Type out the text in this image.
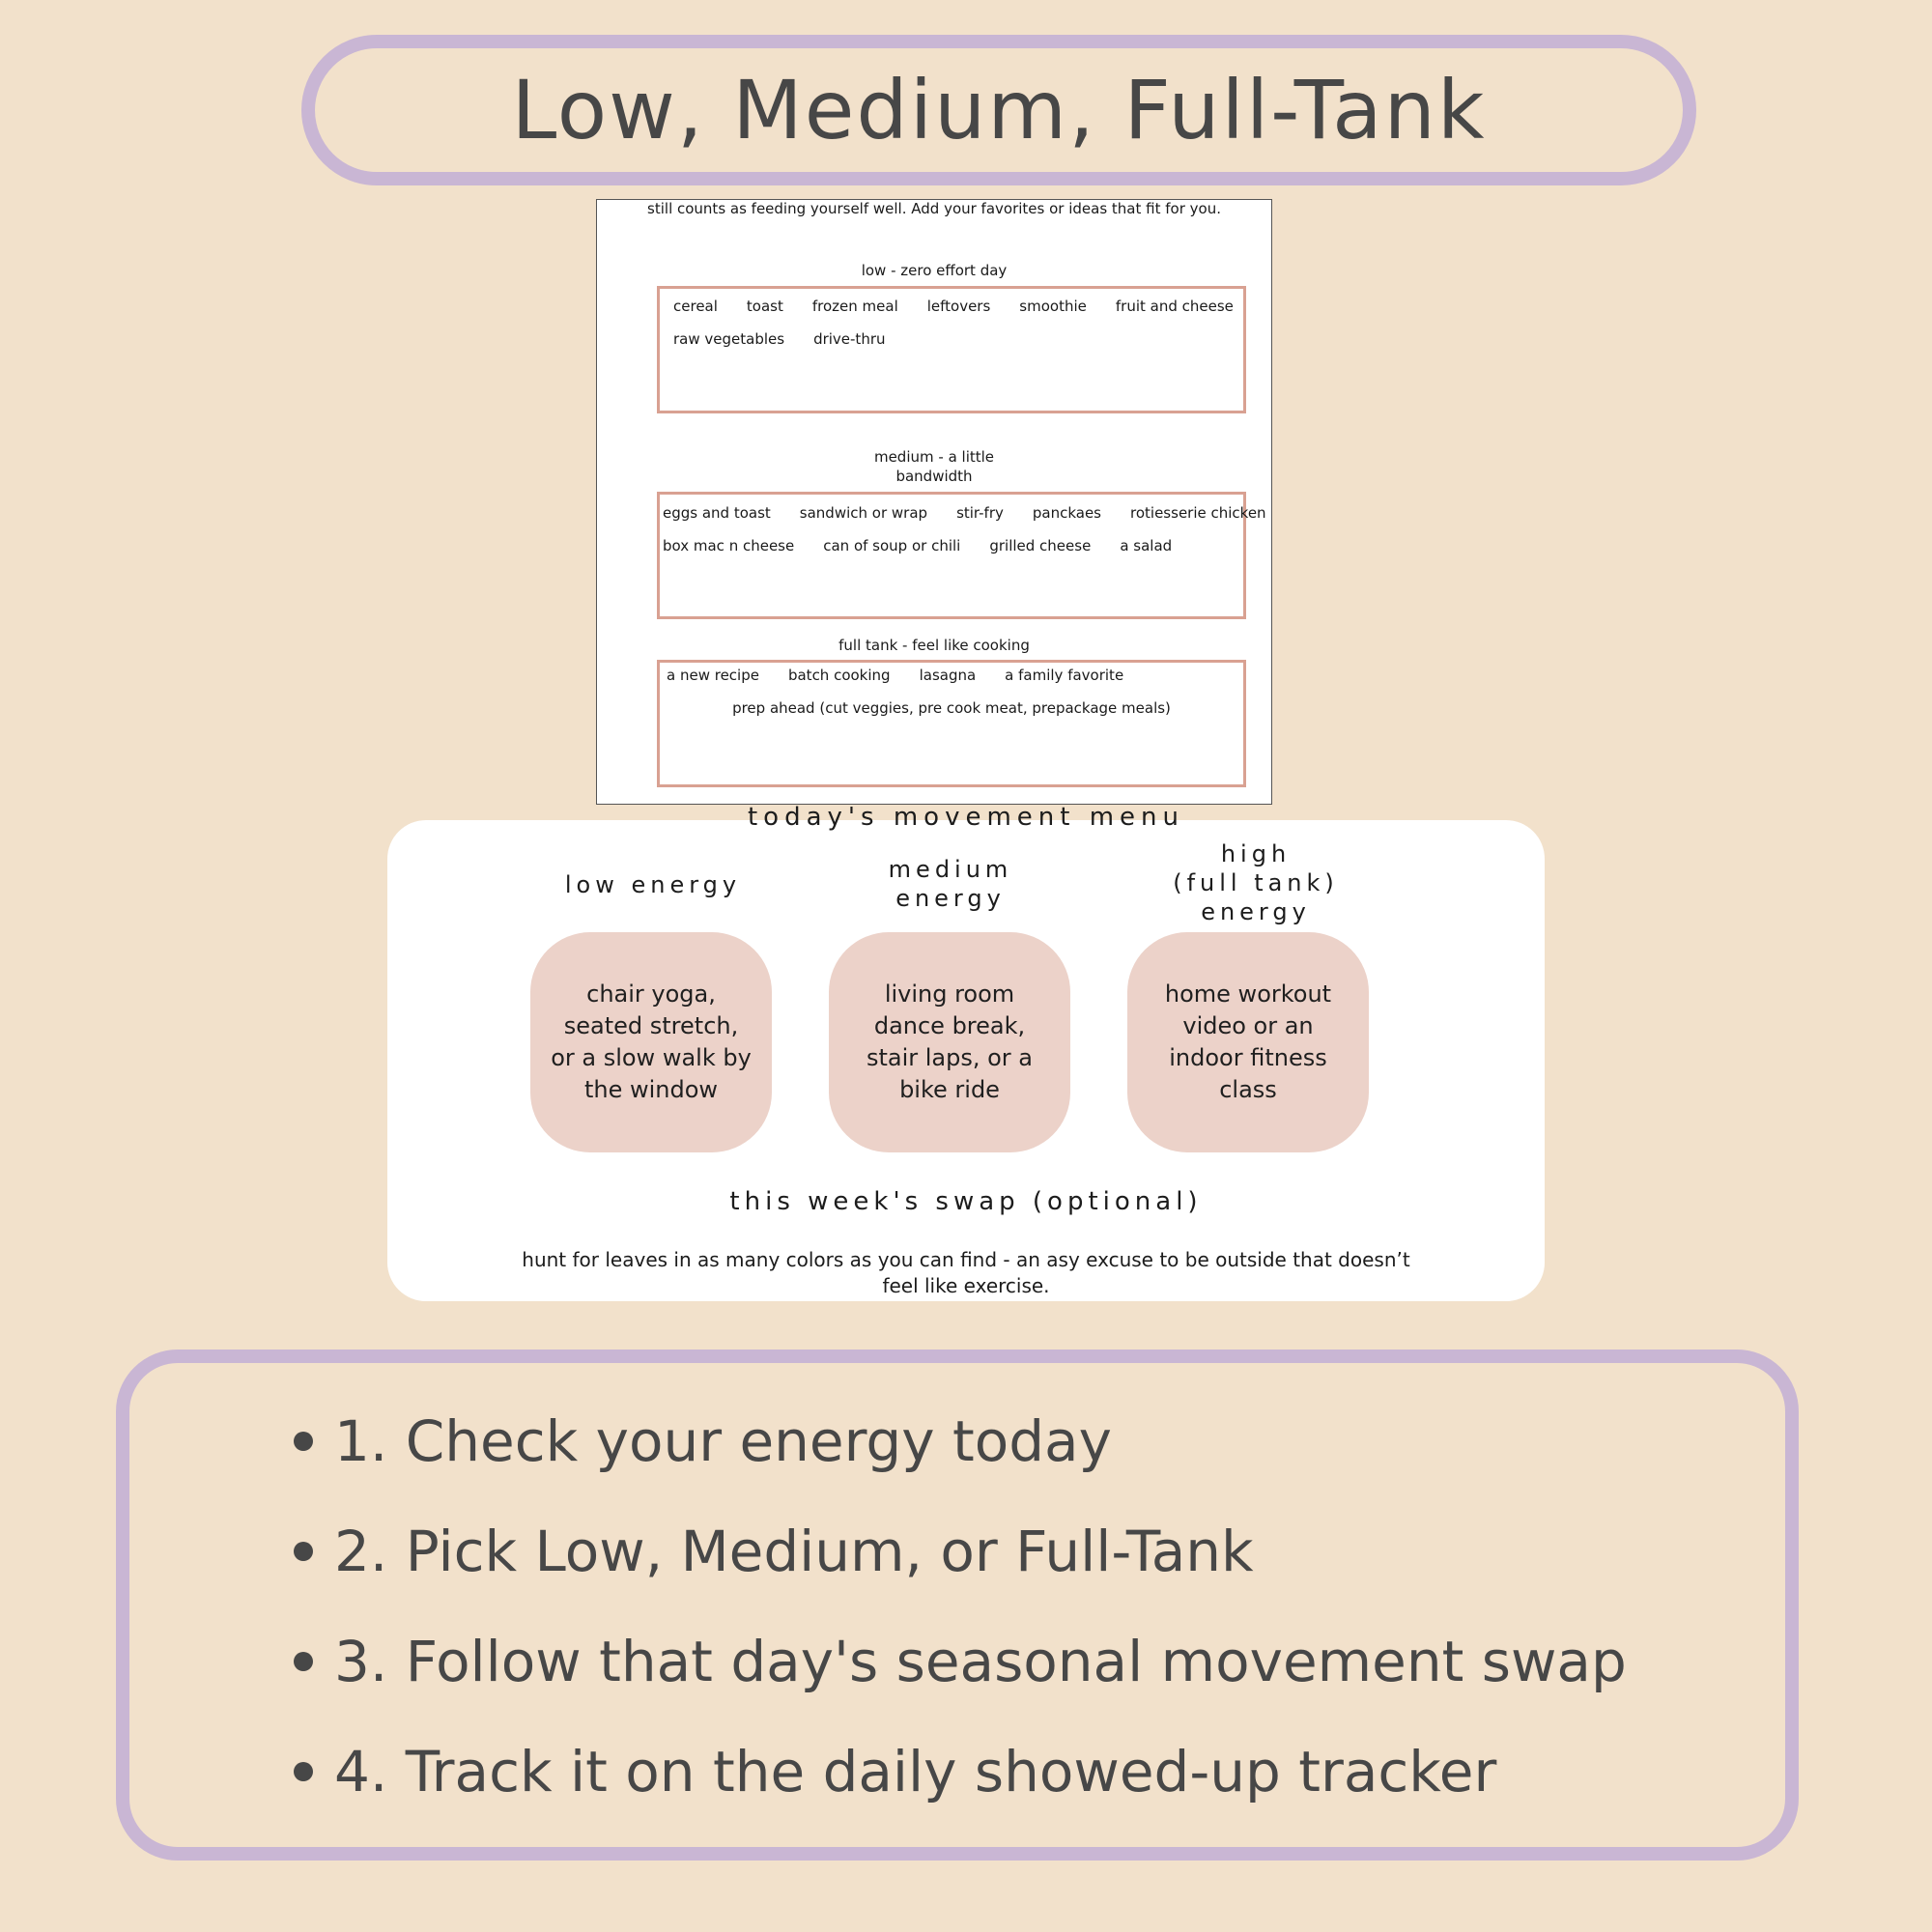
Low, Medium, Full-Tank
still counts as feeding yourself well. Add your favorites or ideas that fit for you.
low - zero effort day
cereal toast frozen meal leftovers smoothie fruit and cheese
raw vegetables drive-thru
medium - a little
bandwidth
eggs and toast sandwich or wrap stir-fry panckaes rotiesserie chicken
box mac n cheese can of soup or chili grilled cheese a salad
full tank - feel like cooking
a new recipe batch cooking lasagna a family favorite
prep ahead (cut veggies, pre cook meat, prepackage meals)
today's movement menu
low energy
medium
energy
high
(full tank)
energy
chair yoga, seated stretch, or a slow walk by the window
living room dance break, stair laps, or a bike ride
home workout video or an indoor fitness class
this week's swap (optional)
hunt for leaves in as many colors as you can find - an asy excuse to be outside that doesn’t feel like exercise.
1. Check your energy today
2. Pick Low, Medium, or Full-Tank
3. Follow that day's seasonal movement swap
4. Track it on the daily showed-up tracker
